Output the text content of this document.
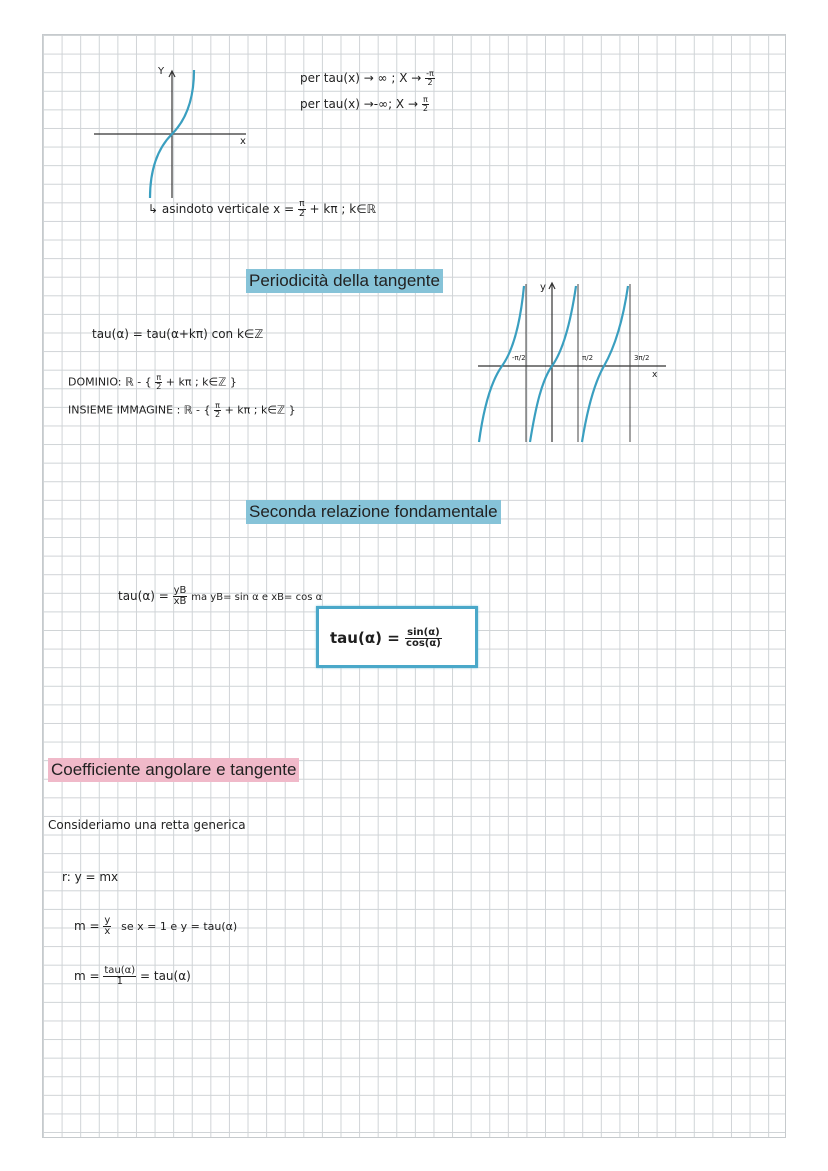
Y
x
per tau(x) → ∞ ; $X \to \frac{-\pi}{2}$
per tau(x) →-∞; $X \to \frac{\pi}{2}$
↳ asindoto verticale $x = \frac{\pi}{2} + k\pi$ ; k∈ℝ
Periodicità della tangente
tau(α) = tau(α+kπ) con k∈ℤ
DOMINIO: ℝ - { $\frac{\pi}{2} + k\pi$ ; k∈ℤ }
INSIEME IMMAGINE : ℝ - { $\frac{\pi}{2} + k\pi$ ; k∈ℤ }
y
x
-π/2	π/2	3π/2
Seconda relazione fondamentale
$tau(\alpha) = \frac{yB}{xB}$ ma yB= sin α e xB= cos α
$tau(\alpha) = \frac{\sin(\alpha)}{\cos(\alpha)}$
Coefficiente angolare e tangente
Consideriamo una retta generica
r: y = mx
$m = \frac{y}{x}$ se x = 1 e y = tau(α)
$m = \frac{\text{tau(α)}}{1} = tau(\alpha)$
